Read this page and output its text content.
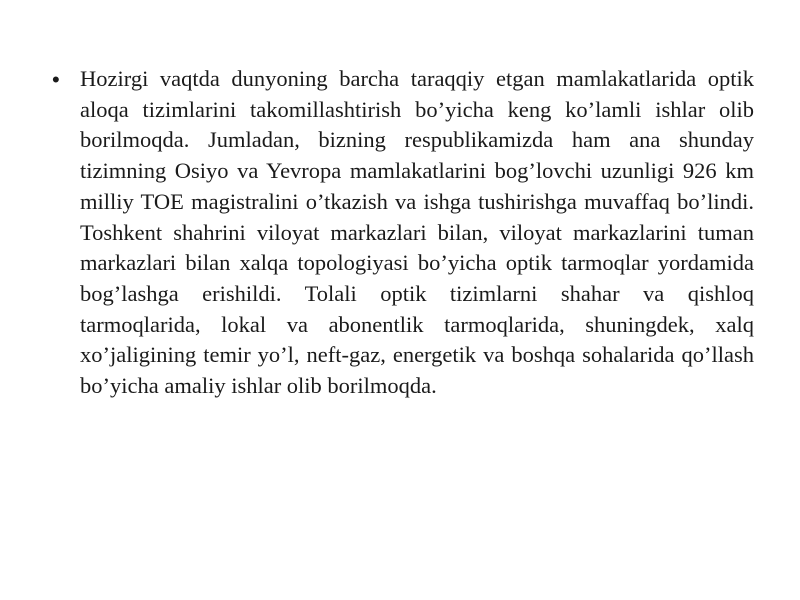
• Hozirgi vaqtda dunyoning barcha taraqqiy etgan mamlakatlarida optik aloqa tizimlarini takomillashtirish bo’yicha keng ko’lamli ishlar olib borilmoqda. Jumladan, bizning respublikamizda ham ana shunday tizimning Osiyo va Yevropa mamlakatlarini bog’lovchi uzunligi 926 km milliy TOE magistralini o’tkazish va ishga tushirishga muvaffaq bo’lindi. Toshkent shahrini viloyat markazlari bilan, viloyat markazlarini tuman markazlari bilan xalqa topologiyasi bo’yicha optik tarmoqlar yordamida bog’lashga erishildi. Tolali optik tizimlarni shahar va qishloq tarmoqlarida, lokal va abonentlik tarmoqlarida, shuningdek, xalq xo’jaligining temir yo’l, neft-gaz, energetik va boshqa sohalarida qo’llash bo’yicha amaliy ishlar olib borilmoqda.
